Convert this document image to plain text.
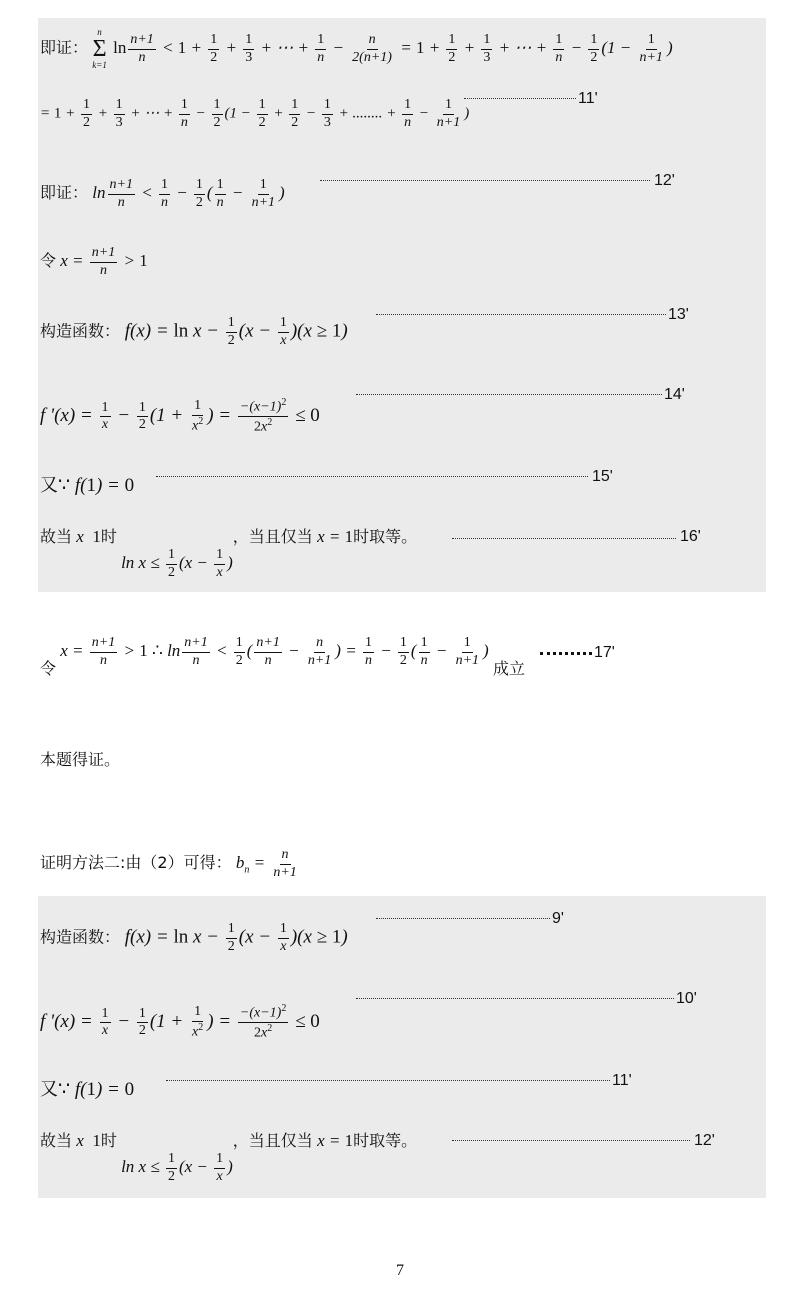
即证：
n
Σ
k=1
$\ln \frac{n+1}{n} < 1 + \frac{1}{2} + \frac{1}{3}$ + ⋯ + $\frac{1}{n} - \frac{n}{2(n+1)} = 1 + \frac{1}{2} + \frac{1}{3}$ + ⋯ + $\frac{1}{n} - \frac{1}{2} (1 - \frac{1}{n+1}$ )
= $1 + \frac{1}{2} + \frac{1}{3}$ + ⋯ + $\frac{1}{n} - \frac{1}{2} (1 - \frac{1}{2} + \frac{1}{2} - \frac{1}{3}$ + ........ + $\frac{1}{n} - \frac{1}{n+1}$ )
11'
即证： $\ln \frac{n+1}{n} < \frac{1}{n} - \frac{1}{2}$ ( $\frac{1}{n} - \frac{1}{n+1}$ )
12'
令 $x = \frac{n+1}{n} > 1$
构造函数： $f(x) = \ln x - \frac{1}{2} (x - \frac{1}{x} )(x \ge 1)$
13'
f '$(x) = \frac{1}{x} - \frac{1}{2} (1 + \frac{1}{x^2}$ ) = $\frac{-(x-1)^2}{2x^2} \le 0$
14'
又∵ f(1) = 0	15'
故当 x  1时 $\ln x \le \frac{1}{2} (x - \frac{1}{x}$ )，当且仅当 x = 1时取等。	16'
令 $x = \frac{n+1}{n} > 1$ ∴ $\ln \frac{n+1}{n} < \frac{1}{2}$ ( $\frac{n+1}{n} - \frac{n}{n+1}$ ) = $\frac{1}{n} - \frac{1}{2}$ ( $\frac{1}{n} - \frac{1}{n+1}$ ) 成立
17'
本题得证。
证明方法二:由（2）可得： $b_n = \frac{n}{n+1}$
构造函数： $f(x) = \ln x - \frac{1}{2} (x - \frac{1}{x} )(x \ge 1)$
9'
f '$(x) = \frac{1}{x} - \frac{1}{2} (1 + \frac{1}{x^2}$ ) = $\frac{-(x-1)^2}{2x^2} \le 0$
10'
又∵ f(1) = 0	11'
故当 x  1时 $\ln x \le \frac{1}{2} (x - \frac{1}{x}$ )，当且仅当 x = 1时取等。	12'
7
